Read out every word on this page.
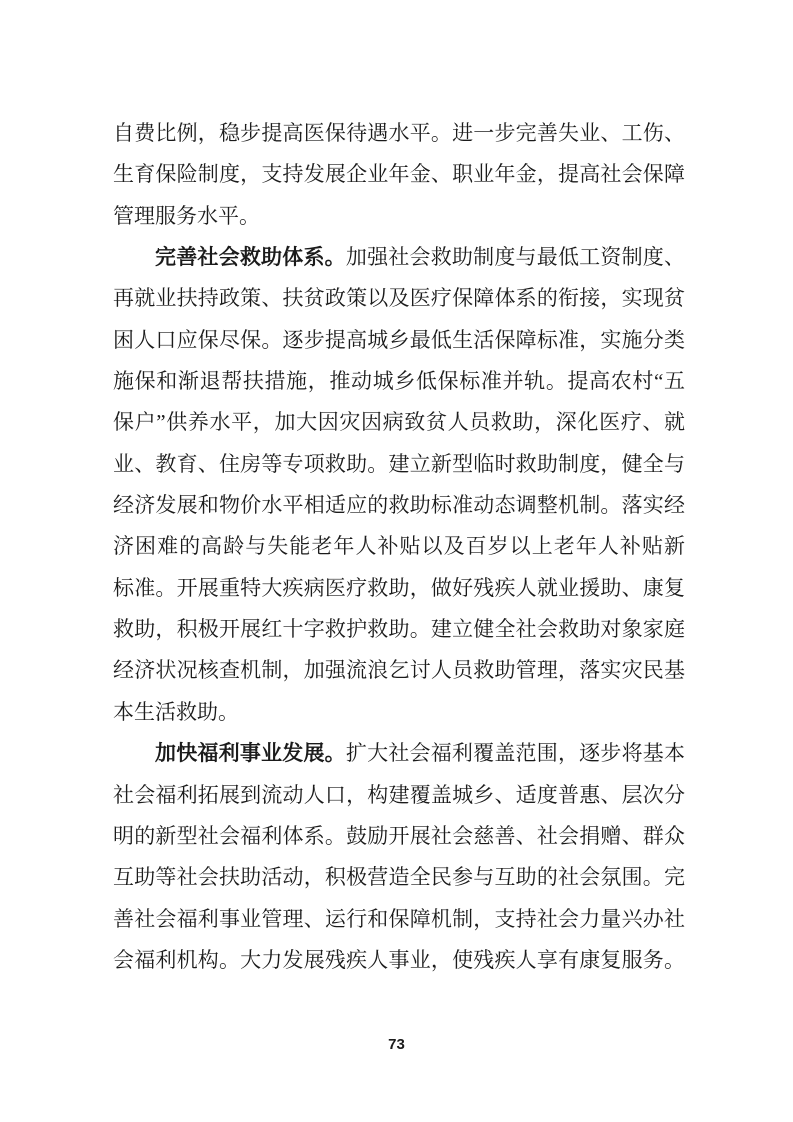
自费比例，稳步提高医保待遇水平。进一步完善失业、工伤、
生育保险制度，支持发展企业年金、职业年金，提高社会保障
管理服务水平。
完善社会救助体系。加强社会救助制度与最低工资制度、
再就业扶持政策、扶贫政策以及医疗保障体系的衔接，实现贫
困人口应保尽保。逐步提高城乡最低生活保障标准，实施分类
施保和渐退帮扶措施，推动城乡低保标准并轨。提高农村“五
保户”供养水平，加大因灾因病致贫人员救助，深化医疗、就
业、教育、住房等专项救助。建立新型临时救助制度，健全与
经济发展和物价水平相适应的救助标准动态调整机制。落实经
济困难的高龄与失能老年人补贴以及百岁以上老年人补贴新
标准。开展重特大疾病医疗救助，做好残疾人就业援助、康复
救助，积极开展红十字救护救助。建立健全社会救助对象家庭
经济状况核查机制，加强流浪乞讨人员救助管理，落实灾民基
本生活救助。
加快福利事业发展。扩大社会福利覆盖范围，逐步将基本
社会福利拓展到流动人口，构建覆盖城乡、适度普惠、层次分
明的新型社会福利体系。鼓励开展社会慈善、社会捐赠、群众
互助等社会扶助活动，积极营造全民参与互助的社会氛围。完
善社会福利事业管理、运行和保障机制，支持社会力量兴办社
会福利机构。大力发展残疾人事业，使残疾人享有康复服务。
73
